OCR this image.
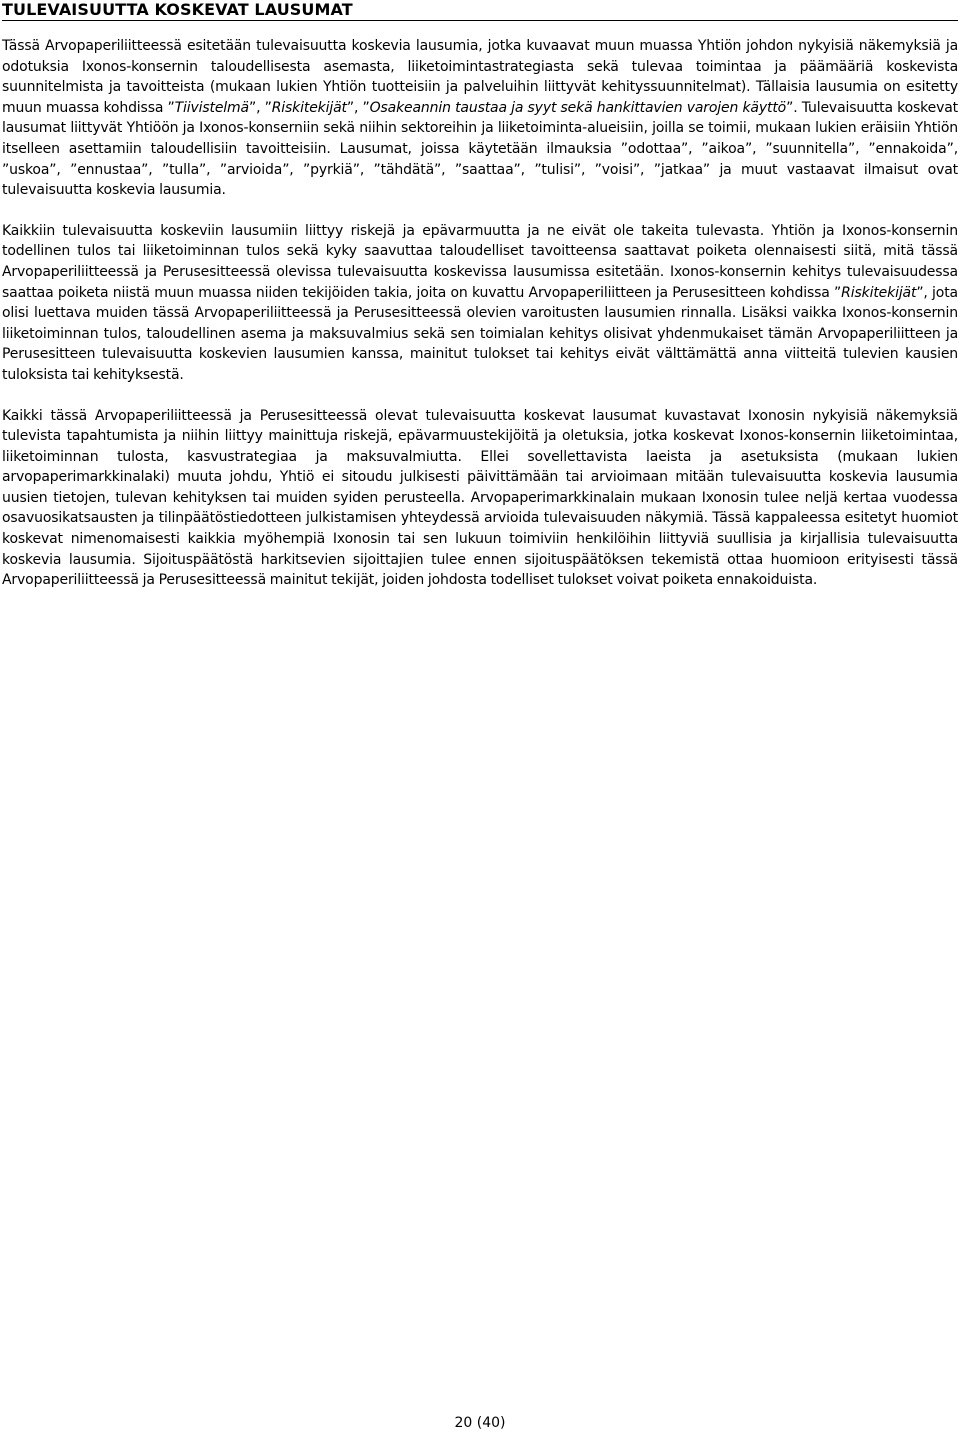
TULEVAISUUTTA KOSKEVAT LAUSUMAT

Tässä Arvopaperiliitteessä esitetään tulevaisuutta koskevia lausumia, jotka kuvaavat muun muassa Yhtiön johdon nykyisiä näkemyksiä ja odotuksia Ixonos-konsernin taloudellisesta asemasta, liiketoimintastrategiasta sekä tulevaa toimintaa ja päämääriä koskevista suunnitelmista ja tavoitteista (mukaan lukien Yhtiön tuotteisiin ja palveluihin liittyvät kehityssuunnitelmat). Tällaisia lausumia on esitetty muun muassa kohdissa ”Tiivistelmä”, ”Riskitekijät”, ”Osakeannin taustaa ja syyt sekä hankittavien varojen käyttö”. Tulevaisuutta koskevat lausumat liittyvät Yhtiöön ja Ixonos-konserniin sekä niihin sektoreihin ja liiketoiminta-alueisiin, joilla se toimii, mukaan lukien eräisiin Yhtiön itselleen asettamiin taloudellisiin tavoitteisiin. Lausumat, joissa käytetään ilmauksia ”odottaa”, ”aikoa”, ”suunnitella”, ”ennakoida”, ”uskoa”, ”ennustaa”, ”tulla”, ”arvioida”, ”pyrkiä”, ”tähdätä”, ”saattaa”, ”tulisi”, ”voisi”, ”jatkaa” ja muut vastaavat ilmaisut ovat tulevaisuutta koskevia lausumia.

Kaikkiin tulevaisuutta koskeviin lausumiin liittyy riskejä ja epävarmuutta ja ne eivät ole takeita tulevasta. Yhtiön ja Ixonos-konsernin todellinen tulos tai liiketoiminnan tulos sekä kyky saavuttaa taloudelliset tavoitteensa saattavat poiketa olennaisesti siitä, mitä tässä Arvopaperiliitteessä ja Perusesitteessä olevissa tulevaisuutta koskevissa lausumissa esitetään. Ixonos-konsernin kehitys tulevaisuudessa saattaa poiketa niistä muun muassa niiden tekijöiden takia, joita on kuvattu Arvopaperiliitteen ja Perusesitteen kohdissa ”Riskitekijät”, jota olisi luettava muiden tässä Arvopaperiliitteessä ja Perusesitteessä olevien varoitusten lausumien rinnalla. Lisäksi vaikka Ixonos-konsernin liiketoiminnan tulos, taloudellinen asema ja maksuvalmius sekä sen toimialan kehitys olisivat yhdenmukaiset tämän Arvopaperiliitteen ja Perusesitteen tulevaisuutta koskevien lausumien kanssa, mainitut tulokset tai kehitys eivät välttämättä anna viitteitä tulevien kausien tuloksista tai kehityksestä.

Kaikki tässä Arvopaperiliitteessä ja Perusesitteessä olevat tulevaisuutta koskevat lausumat kuvastavat Ixonosin nykyisiä näkemyksiä tulevista tapahtumista ja niihin liittyy mainittuja riskejä, epävarmuustekijöitä ja oletuksia, jotka koskevat Ixonos-konsernin liiketoimintaa, liiketoiminnan tulosta, kasvustrategiaa ja maksuvalmiutta. Ellei sovellettavista laeista ja asetuksista (mukaan lukien arvopaperimarkkinalaki) muuta johdu, Yhtiö ei sitoudu julkisesti päivittämään tai arvioimaan mitään tulevaisuutta koskevia lausumia uusien tietojen, tulevan kehityksen tai muiden syiden perusteella. Arvopaperimarkkinalain mukaan Ixonosin tulee neljä kertaa vuodessa osavuosikatsausten ja tilinpäätöstiedotteen julkistamisen yhteydessä arvioida tulevaisuuden näkymiä. Tässä kappaleessa esitetyt huomiot koskevat nimenomaisesti kaikkia myöhempiä Ixonosin tai sen lukuun toimiviin henkilöihin liittyviä suullisia ja kirjallisia tulevaisuutta koskevia lausumia. Sijoituspäätöstä harkitsevien sijoittajien tulee ennen sijoituspäätöksen tekemistä ottaa huomioon erityisesti tässä Arvopaperiliitteessä ja Perusesitteessä mainitut tekijät, joiden johdosta todelliset tulokset voivat poiketa ennakoiduista.

20 (40)
